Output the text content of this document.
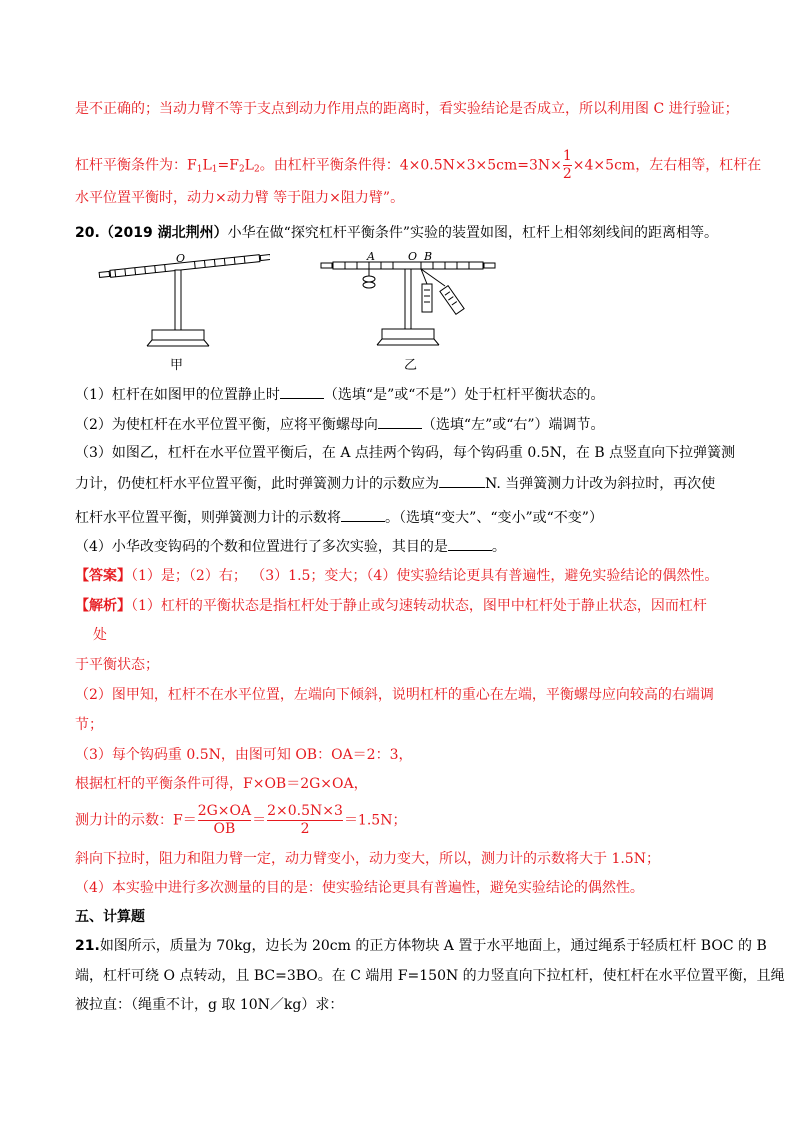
是不正确的；当动力臂不等于支点到动力作用点的距离时，看实验结论是否成立，所以利用图 C 进行验证；
杠杆平衡条件为：$F_1L_1=F_2L_2$。由杠杆平衡条件得：$4\times 0.5N\times 3\times 5cm=3N\times \frac{1}{2} \times 4\times 5cm$，左右相等，杠杆在
水平位置平衡时，动力×动力臂 等于阻力×阻力臂”。
20.（2019 湖北荆州）小华在做“探究杠杆平衡条件”实验的装置如图，杠杆上相邻刻线间的距离相等。
O
甲
A	O B
乙
（1）杠杆在如图甲的位置静止时	（选填“是”或“不是”）处于杠杆平衡状态的。
（2）为使杠杆在水平位置平衡，应将平衡螺母向	（选填“左”或“右”）端调节。
（3）如图乙，杠杆在水平位置平衡后，在 A 点挂两个钩码，每个钩码重 0.5N，在 B 点竖直向下拉弹簧测
力计，仍使杠杆水平位置平衡，此时弹簧测力计的示数应为	N. 当弹簧测力计改为斜拉时，再次使
杠杆水平位置平衡，则弹簧测力计的示数将	。（选填“变大”、“变小”或“不变”）
（4）小华改变钩码的个数和位置进行了多次实验，其目的是	。
【答案】（1）是；（2）右； （3）1.5；变大；（4）使实验结论更具有普遍性，避免实验结论的偶然性。
【解析】（1）杠杆的平衡状态是指杠杆处于静止或匀速转动状态，图甲中杠杆处于静止状态，因而杠杆
处
于平衡状态；
（2）图甲知，杠杆不在水平位置，左端向下倾斜，说明杠杆的重心在左端，平衡螺母应向较高的右端调
节；
（3）每个钩码重 0.5N，由图可知 OB：OA＝2：3，
根据杠杆的平衡条件可得，F×OB＝2G×OA，
测力计的示数：$F= \frac{2G\times OA}{OB} = \frac{2\times 0.5N\times 3}{2} =1.5N$；
斜向下拉时，阻力和阻力臂一定，动力臂变小，动力变大，所以，测力计的示数将大于 1.5N；
（4）本实验中进行多次测量的目的是：使实验结论更具有普遍性，避免实验结论的偶然性。
五、计算题
21.如图所示，质量为 70kg，边长为 20cm 的正方体物块 A 置于水平地面上，通过绳系于轻质杠杆 BOC 的 B
端，杠杆可绕 O 点转动，且 BC=3BO。在 C 端用 F=150N 的力竖直向下拉杠杆，使杠杆在水平位置平衡，且绳
被拉直：（绳重不计，g 取 10N／kg）求：
